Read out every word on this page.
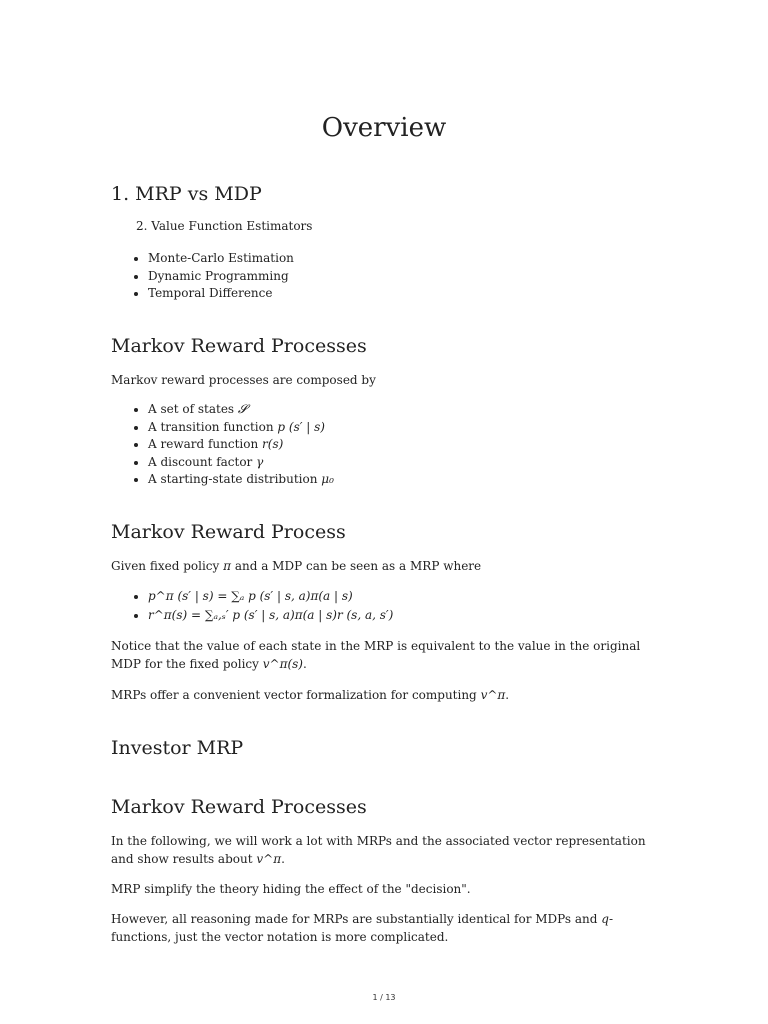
Overview
1. MRP vs MDP
2. Value Function Estimators
• Monte-Carlo Estimation
• Dynamic Programming
• Temporal Difference
Markov Reward Processes

Markov reward processes are composed by

• A set of states 𝓢
• A transition function p (s′ | s)
• A reward function r(s)
• A discount factor γ
• A starting-state distribution μ₀
Markov Reward Process

Given fixed policy π and a MDP can be seen as a MRP where

• p^π (s′ | s) = ∑ₐ p (s′ | s, a)π(a | s)
• r^π(s) = ∑ₐ,ₛ′ p (s′ | s, a)π(a | s)r (s, a, s′)

Notice that the value of each state in the MRP is equivalent to the value in the original MDP for the fixed policy v^π(s).

MRPs offer a convenient vector formalization for computing v^π.

Investor MRP
Markov Reward Processes

In the following, we will work a lot with MRPs and the associated vector representation and show results about v^π.

MRP simplify the theory hiding the effect of the "decision".

However, all reasoning made for MRPs are substantially identical for MDPs and q-functions, just the vector notation is more complicated.

1 / 13
